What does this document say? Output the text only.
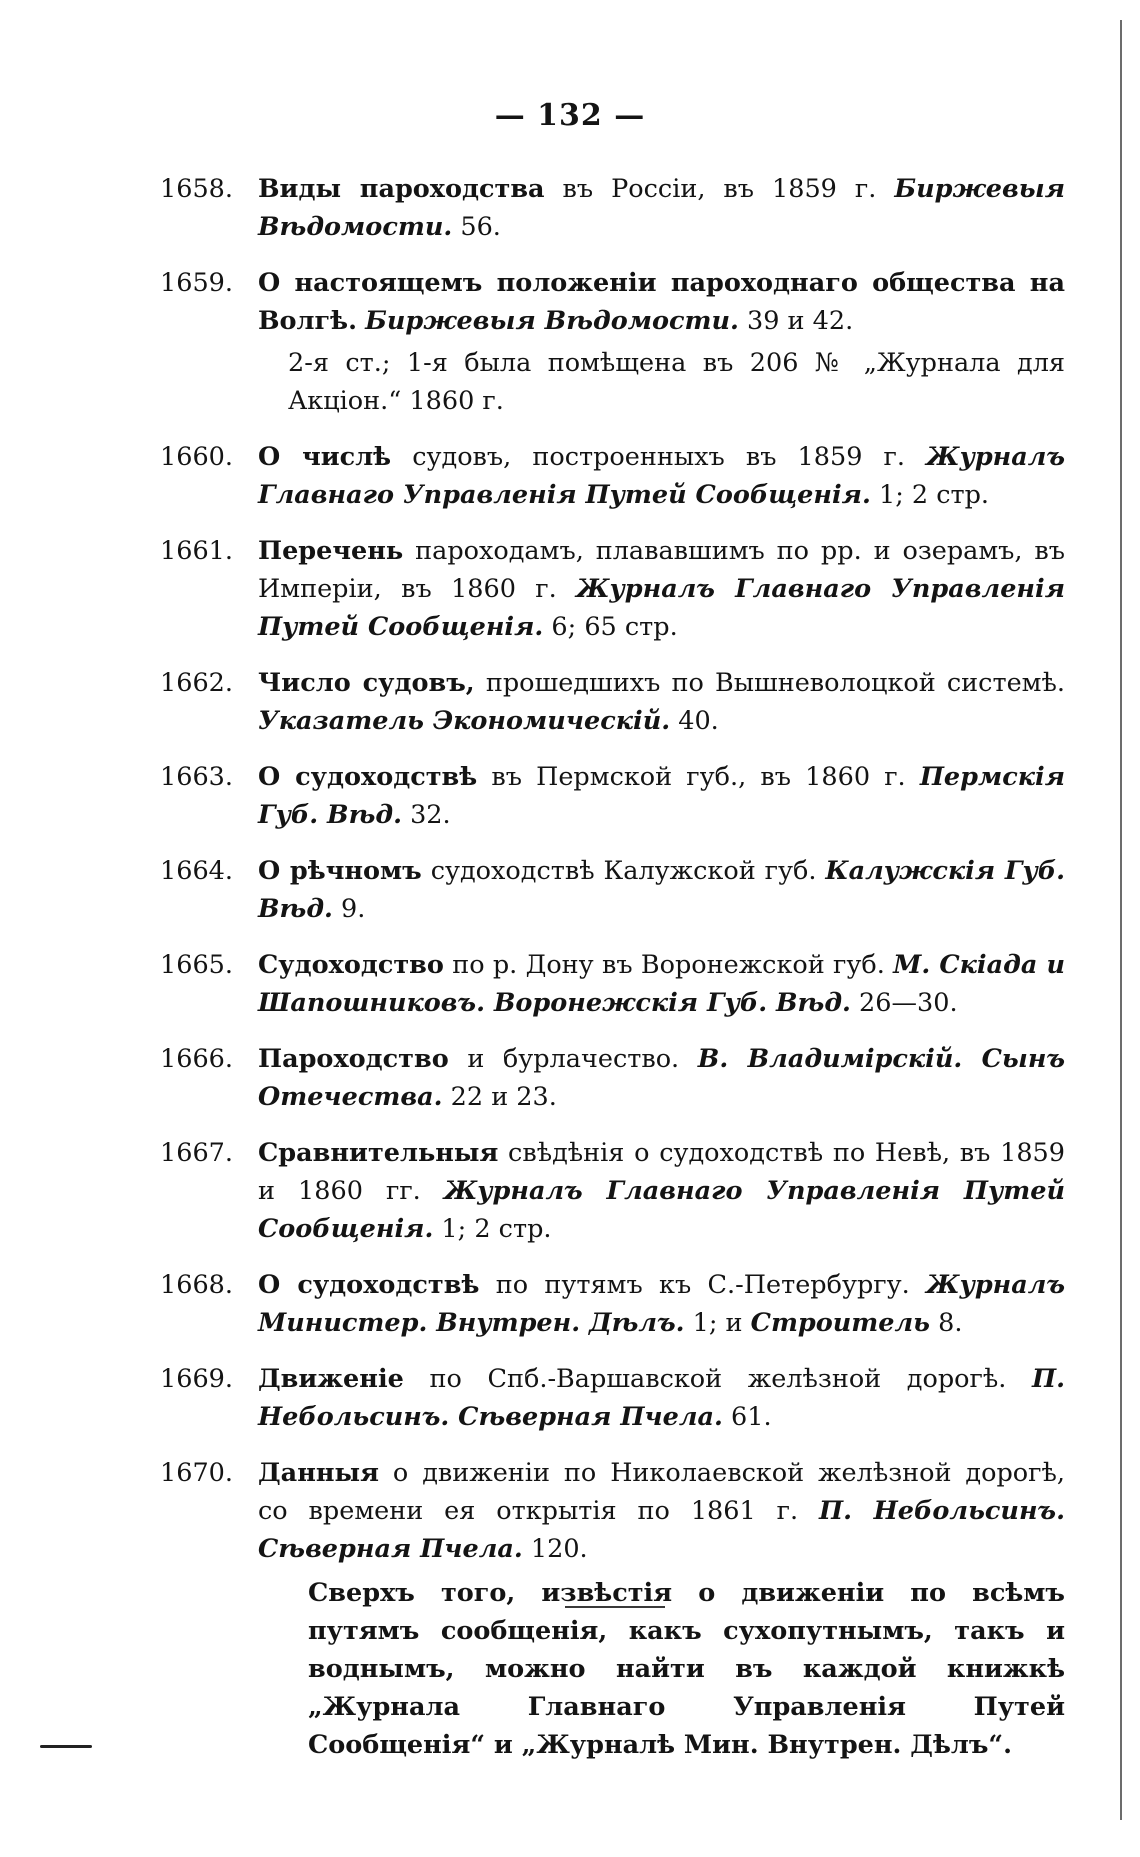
— 132 —
1658. Виды пароходства въ Россіи, въ 1859 г. Биржевыя Вѣдомости. 56.
1659. О настоящемъ положеніи пароходнаго общества на Волгѣ. Биржевыя Вѣдомости. 39 и 42.
2-я ст.; 1-я была помѣщена въ 206 № „Журнала для Акціон.“ 1860 г.
1660. О числѣ судовъ, построенныхъ въ 1859 г. Журналъ Главнаго Управленія Путей Сообщенія. 1; 2 стр.
1661. Перечень пароходамъ, плававшимъ по рр. и озерамъ, въ Имперіи, въ 1860 г. Журналъ Главнаго Управленія Путей Сообщенія. 6; 65 стр.
1662. Число судовъ, прошедшихъ по Вышневолоцкой системѣ. Указатель Экономическій. 40.
1663. О судоходствѣ въ Пермской губ., въ 1860 г. Пермскія Губ. Вѣд. 32.
1664. О рѣчномъ судоходствѣ Калужской губ. Калужскія Губ. Вѣд. 9.
1665. Судоходство по р. Дону въ Воронежской губ. М. Скіада и Шапошниковъ. Воронежскія Губ. Вѣд. 26—30.
1666. Пароходство и бурлачество. В. Владимірскій. Сынъ Отечества. 22 и 23.
1667. Сравнительныя свѣдѣнія о судоходствѣ по Невѣ, въ 1859 и 1860 гг. Журналъ Главнаго Управленія Путей Сообщенія. 1; 2 стр.
1668. О судоходствѣ по путямъ къ С.-Петербургу. Журналъ Министер. Внутрен. Дѣлъ. 1; и Строитель 8.
1669. Движеніе по Спб.-Варшавской желѣзной дорогѣ. П. Небольсинъ. Сѣверная Пчела. 61.
1670. Данныя о движеніи по Николаевской желѣзной дорогѣ, со времени ея открытія по 1861 г. П. Небольсинъ. Сѣверная Пчела. 120.
Сверхъ того, извѣстія о движеніи по всѣмъ путямъ сообщенія, какъ сухопутнымъ, такъ и воднымъ, можно найти въ каждой книжкѣ „Журнала Главнаго Управленія Путей Сообщенія“ и „Журналѣ Мин. Внутрен. Дѣлъ“.
